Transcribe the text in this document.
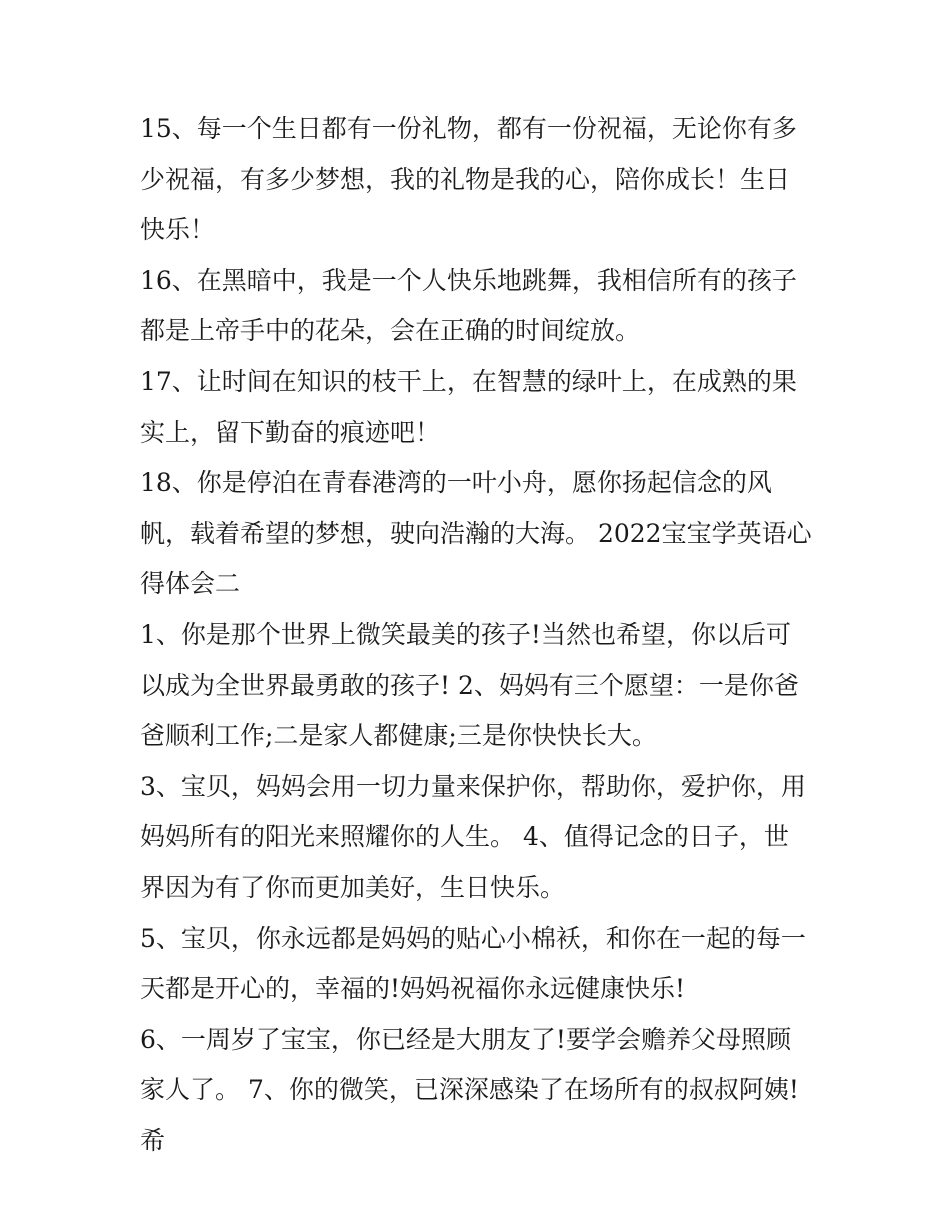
15、每一个生日都有一份礼物，都有一份祝福，无论你有多少祝福，有多少梦想，我的礼物是我的心，陪你成长！生日快乐！

16、在黑暗中，我是一个人快乐地跳舞，我相信所有的孩子都是上帝手中的花朵，会在正确的时间绽放。

17、让时间在知识的枝干上，在智慧的绿叶上，在成熟的果实上，留下勤奋的痕迹吧！

18、你是停泊在青春港湾的一叶小舟，愿你扬起信念的风帆，载着希望的梦想，驶向浩瀚的大海。 2022宝宝学英语心得体会二

1、你是那个世界上微笑最美的孩子!当然也希望，你以后可以成为全世界最勇敢的孩子! 2、妈妈有三个愿望：一是你爸爸顺利工作;二是家人都健康;三是你快快长大。

3、宝贝，妈妈会用一切力量来保护你，帮助你，爱护你，用妈妈所有的阳光来照耀你的人生。 4、值得记念的日子，世界因为有了你而更加美好，生日快乐。

5、宝贝，你永远都是妈妈的贴心小棉袄，和你在一起的每一天都是开心的，幸福的!妈妈祝福你永远健康快乐!

6、一周岁了宝宝，你已经是大朋友了!要学会赡养父母照顾家人了。 7、你的微笑，已深深感染了在场所有的叔叔阿姨!希
